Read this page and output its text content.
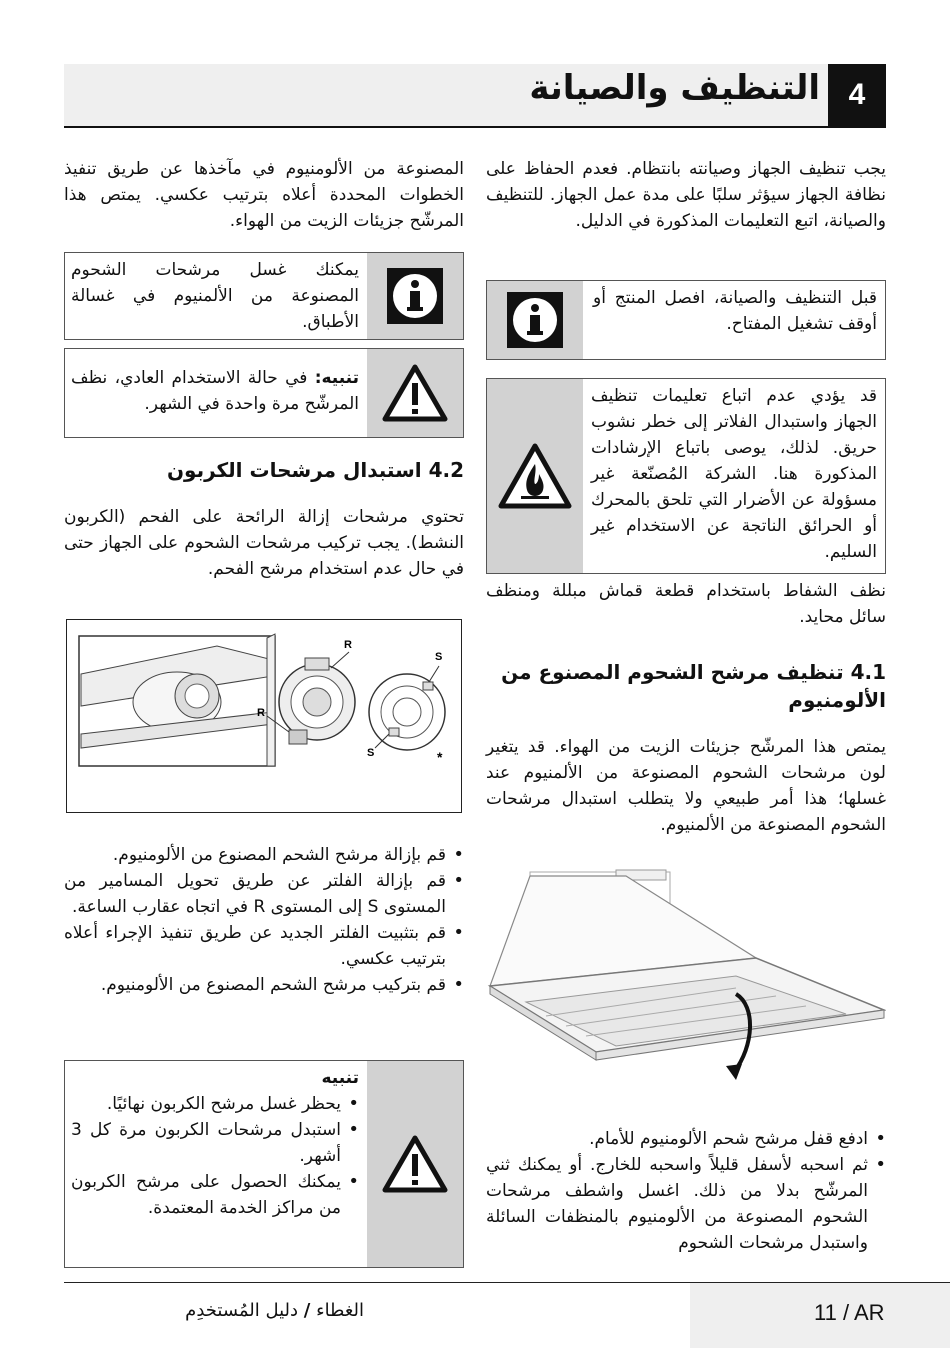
4
التنظيف والصيانة
يجب تنظيف الجهاز وصيانته بانتظام. فعدم الحفاظ على نظافة الجهاز سيؤثر سلبًا على مدة عمل الجهاز. للتنظيف والصيانة، اتبع التعليمات المذكورة في الدليل.
قبل التنظيف والصيانة، افصل المنتج أو أوقف تشغيل المفتاح.
قد يؤدي عدم اتباع تعليمات تنظيف الجهاز واستبدال الفلاتر إلى خطر نشوب حريق. لذلك، يوصى باتباع الإرشادات المذكورة هنا. الشركة المُصنّعة غير مسؤولة عن الأضرار التي تلحق بالمحرك أو الحرائق الناتجة عن الاستخدام غير السليم.
نظف الشفاط باستخدام قطعة قماش مبللة ومنظف سائل محايد.
4.1 تنظيف مرشح الشحوم المصنوع من الألومنيوم
يمتص هذا المرشّح جزيئات الزيت من الهواء. قد يتغير لون مرشحات الشحوم المصنوعة من الألمنيوم عند غسلها؛ هذا أمر طبيعي ولا يتطلب استبدال مرشحات الشحوم المصنوعة من الألمنيوم.
• ادفع قفل مرشح شحم الألومنيوم للأمام.
• ثم اسحبه لأسفل قليلاً واسحبه للخارج. أو يمكنك ثني المرشّح بدلا من ذلك. اغسل واشطف مرشحات الشحوم المصنوعة من الألومنيوم بالمنظفات السائلة واستبدل مرشحات الشحوم
المصنوعة من الألومنيوم في مآخذها عن طريق تنفيذ الخطوات المحددة أعلاه بترتيب عكسي. يمتص هذا المرشّح جزيئات الزيت من الهواء.
يمكنك غسل مرشحات الشحوم المصنوعة من الألمنيوم في غسالة الأطباق.
تنبيه: في حالة الاستخدام العادي، نظف المرشّح مرة واحدة في الشهر.
4.2 استبدال مرشحات الكربون
تحتوي مرشحات إزالة الرائحة على الفحم (الكربون النشط). يجب تركيب مرشحات الشحوم على الجهاز حتى في حال عدم استخدام مرشح الفحم.
R
S
R
S	*
• قم بإزالة مرشح الشحم المصنوع من الألومنيوم.
• قم بإزالة الفلتر عن طريق تحويل المسامير من المستوى S إلى المستوى R في اتجاه عقارب الساعة.
• قم بتثبيت الفلتر الجديد عن طريق تنفيذ الإجراء أعلاه بترتيب عكسي.
• قم بتركيب مرشح الشحم المصنوع من الألومنيوم.
تنبيه
• يحظر غسل مرشح الكربون نهائيًا.
• استبدل مرشحات الكربون مرة كل 3 أشهر.
• يمكنك الحصول على مرشح الكربون من مراكز الخدمة المعتمدة.
11 / AR
الغطاء / دليل المُستخدِم
